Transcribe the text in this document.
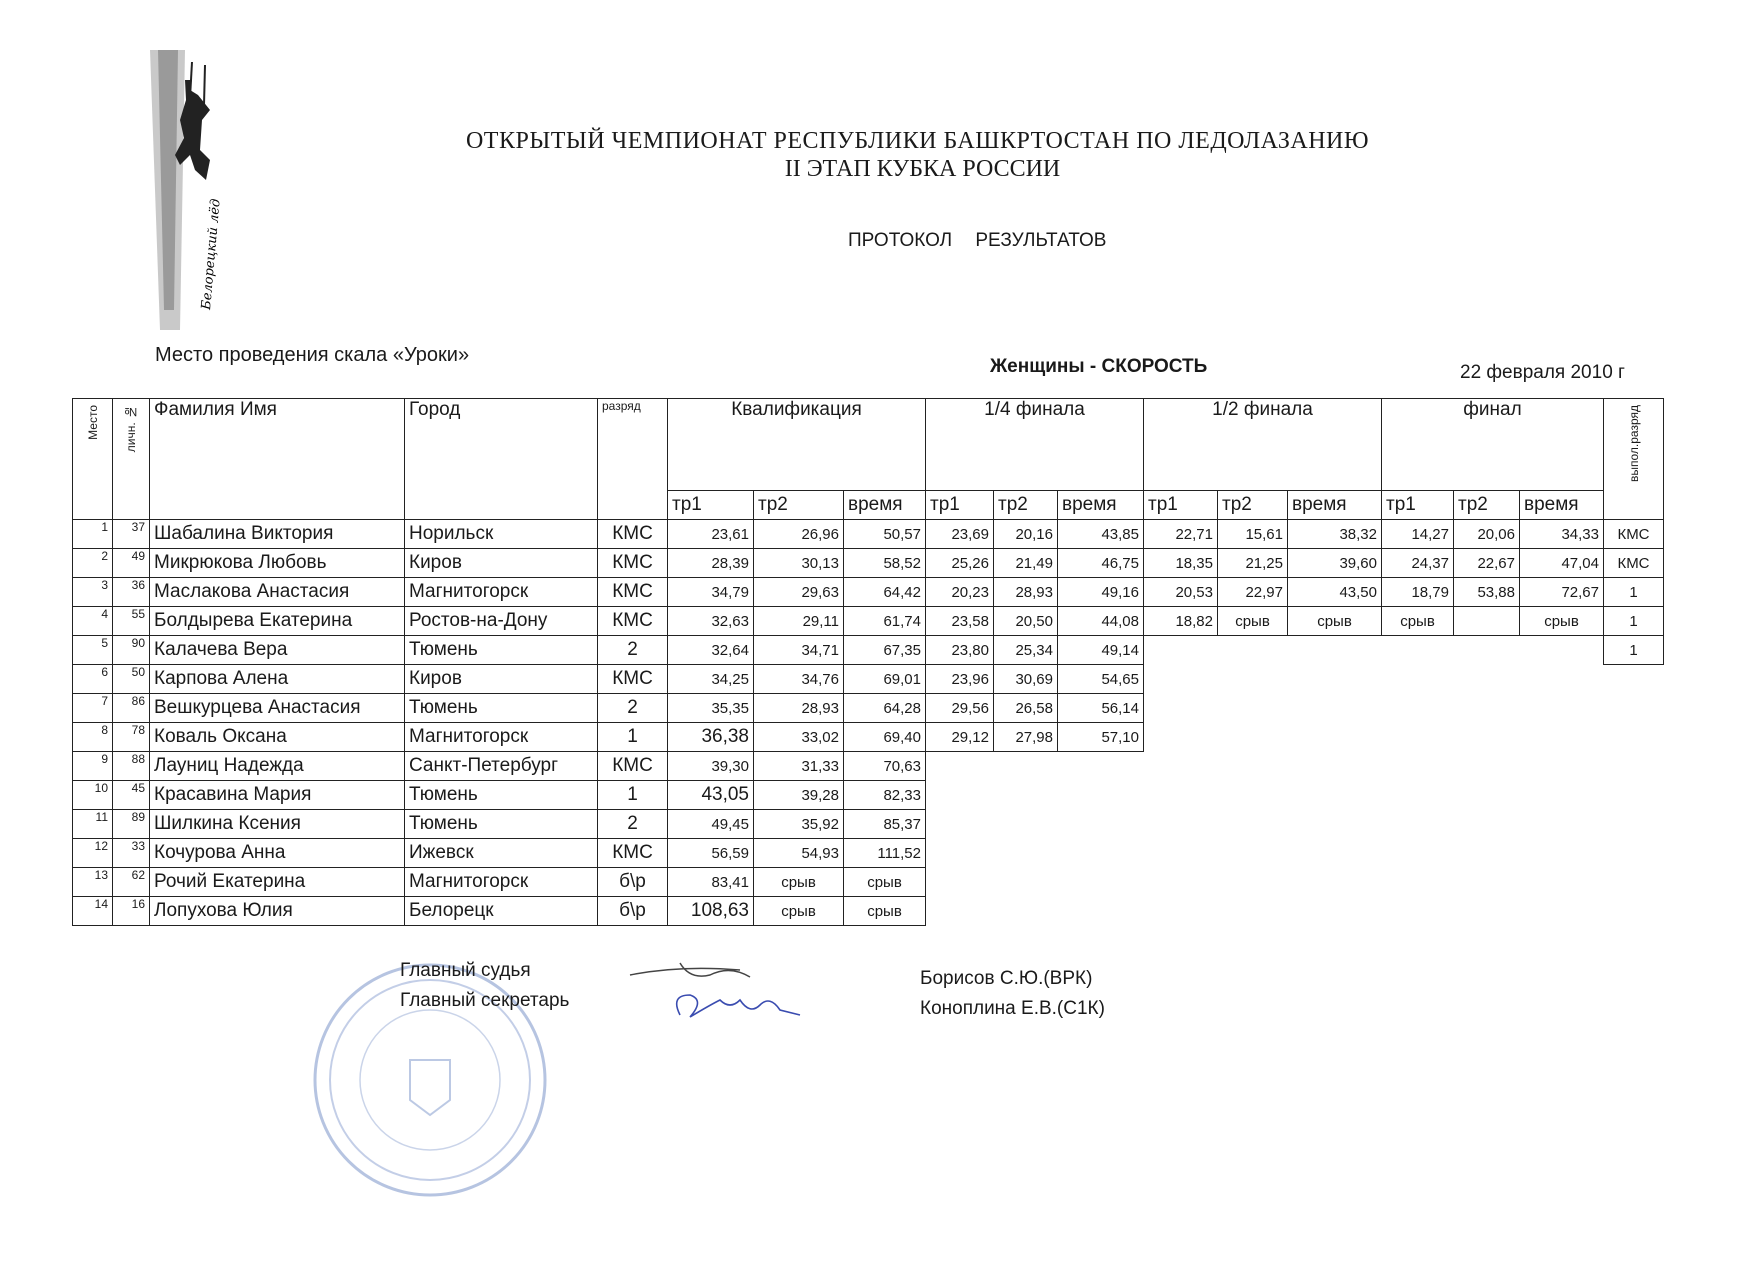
Белорецкий лёд
ОТКРЫТЫЙ ЧЕМПИОНАТ РЕСПУБЛИКИ БАШКРТОСТАН ПО ЛЕДОЛАЗАНИЮ
II ЭТАП КУБКА РОССИИ
ПРОТОКОЛ РЕЗУЛЬТАТОВ
Место проведения скала «Уроки»
Женщины - СКОРОСТЬ	22 февраля 2010 г
Место	личн. №	Фамилия Имя	Город	разряд	Квалификация			1/4 финала			1/2 финала			финал			выпол.разряд
					тр1	тр2	время	тр1	тр2	время	тр1	тр2	время	тр1	тр2	время	
1	37	Шабалина Виктория	Норильск	КМС	23,61	26,96	50,57	23,69	20,16	43,85	22,71	15,61	38,32	14,27	20,06	34,33	КМС
2	49	Микрюкова Любовь	Киров	КМС	28,39	30,13	58,52	25,26	21,49	46,75	18,35	21,25	39,60	24,37	22,67	47,04	КМС
3	36	Маслакова Анастасия	Магнитогорск	КМС	34,79	29,63	64,42	20,23	28,93	49,16	20,53	22,97	43,50	18,79	53,88	72,67	1
4	55	Болдырева Екатерина	Ростов-на-Дону	КМС	32,63	29,11	61,74	23,58	20,50	44,08	18,82	срыв	срыв	срыв		срыв	1
5	90	Калачева Вера	Тюмень	2	32,64	34,71	67,35	23,80	25,34	49,14							1
6	50	Карпова Алена	Киров	КМС	34,25	34,76	69,01	23,96	30,69	54,65							
7	86	Вешкурцева Анастасия	Тюмень	2	35,35	28,93	64,28	29,56	26,58	56,14							
8	78	Коваль Оксана	Магнитогорск	1	36,38	33,02	69,40	29,12	27,98	57,10							
9	88	Лауниц Надежда	Санкт-Петербург	КМС	39,30	31,33	70,63										
10	45	Красавина Мария	Тюмень	1	43,05	39,28	82,33										
11	89	Шилкина Ксения	Тюмень	2	49,45	35,92	85,37										
12	33	Кочурова Анна	Ижевск	КМС	56,59	54,93	111,52										
13	62	Рочий Екатерина	Магнитогорск	б\р	83,41	срыв	срыв										
14	16	Лопухова Юлия	Белорецк	б\р	108,63	срыв	срыв										
Главный судья
Главный секретарь
Борисов С.Ю.(ВРК)
Коноплина Е.В.(С1К)
